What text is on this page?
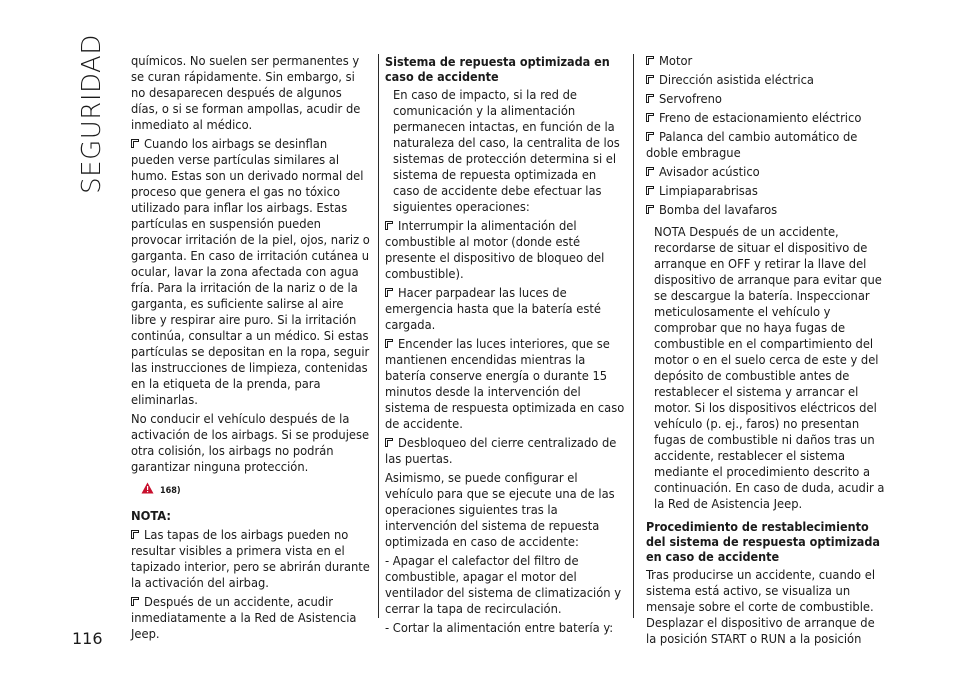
SEGURIDAD químicos. No suelen ser permanentes y se curan rápidamente. Sin embargo, si no desaparecen después de algunos días, o si se forman ampollas, acudir de inmediato al médico.

Cuando los airbags se desinflan pueden verse partículas similares al humo. Estas son un derivado normal del proceso que genera el gas no tóxico utilizado para inflar los airbags. Estas partículas en suspensión pueden provocar irritación de la piel, ojos, nariz o garganta. En caso de irritación cutánea u ocular, lavar la zona afectada con agua fría. Para la irritación de la nariz o de la garganta, es suficiente salirse al aire libre y respirar aire puro. Si la irritación continúa, consultar a un médico. Si estas partículas se depositan en la ropa, seguir las instrucciones de limpieza, contenidas en la etiqueta de la prenda, para eliminarlas.

No conducir el vehículo después de la activación de los airbags. Si se produjese otra colisión, los airbags no podrán garantizar ninguna protección.

168)

NOTA:

Las tapas de los airbags pueden no resultar visibles a primera vista en el tapizado interior, pero se abrirán durante la activación del airbag.

Después de un accidente, acudir inmediatamente a la Red de Asistencia Jeep.

Sistema de repuesta optimizada en caso de accidente

En caso de impacto, si la red de comunicación y la alimentación permanecen intactas, en función de la naturaleza del caso, la centralita de los sistemas de protección determina si el sistema de repuesta optimizada en caso de accidente debe efectuar las siguientes operaciones:

Interrumpir la alimentación del combustible al motor (donde esté presente el dispositivo de bloqueo del combustible).

Hacer parpadear las luces de emergencia hasta que la batería esté cargada.

Encender las luces interiores, que se mantienen encendidas mientras la batería conserve energía o durante 15 minutos desde la intervención del sistema de respuesta optimizada en caso de accidente.

Desbloqueo del cierre centralizado de las puertas.

Asimismo, se puede configurar el vehículo para que se ejecute una de las operaciones siguientes tras la intervención del sistema de repuesta optimizada en caso de accidente:

- Apagar el calefactor del filtro de combustible, apagar el motor del ventilador del sistema de climatización y cerrar la tapa de recirculación.

- Cortar la alimentación entre batería y:

Motor

Dirección asistida eléctrica

Servofreno

Freno de estacionamiento eléctrico

Palanca del cambio automático de doble embrague

Avisador acústico

Limpiaparabrisas

Bomba del lavafaros

NOTA Después de un accidente, recordarse de situar el dispositivo de arranque en OFF y retirar la llave del dispositivo de arranque para evitar que se descargue la batería. Inspeccionar meticulosamente el vehículo y comprobar que no haya fugas de combustible en el compartimiento del motor o en el suelo cerca de este y del depósito de combustible antes de restablecer el sistema y arrancar el motor. Si los dispositivos eléctricos del vehículo (p. ej., faros) no presentan fugas de combustible ni daños tras un accidente, restablecer el sistema mediante el procedimiento descrito a continuación. En caso de duda, acudir a la Red de Asistencia Jeep.

Procedimiento de restablecimiento del sistema de respuesta optimizada en caso de accidente

Tras producirse un accidente, cuando el sistema está activo, se visualiza un mensaje sobre el corte de combustible. Desplazar el dispositivo de arranque de la posición START o RUN a la posición

116
